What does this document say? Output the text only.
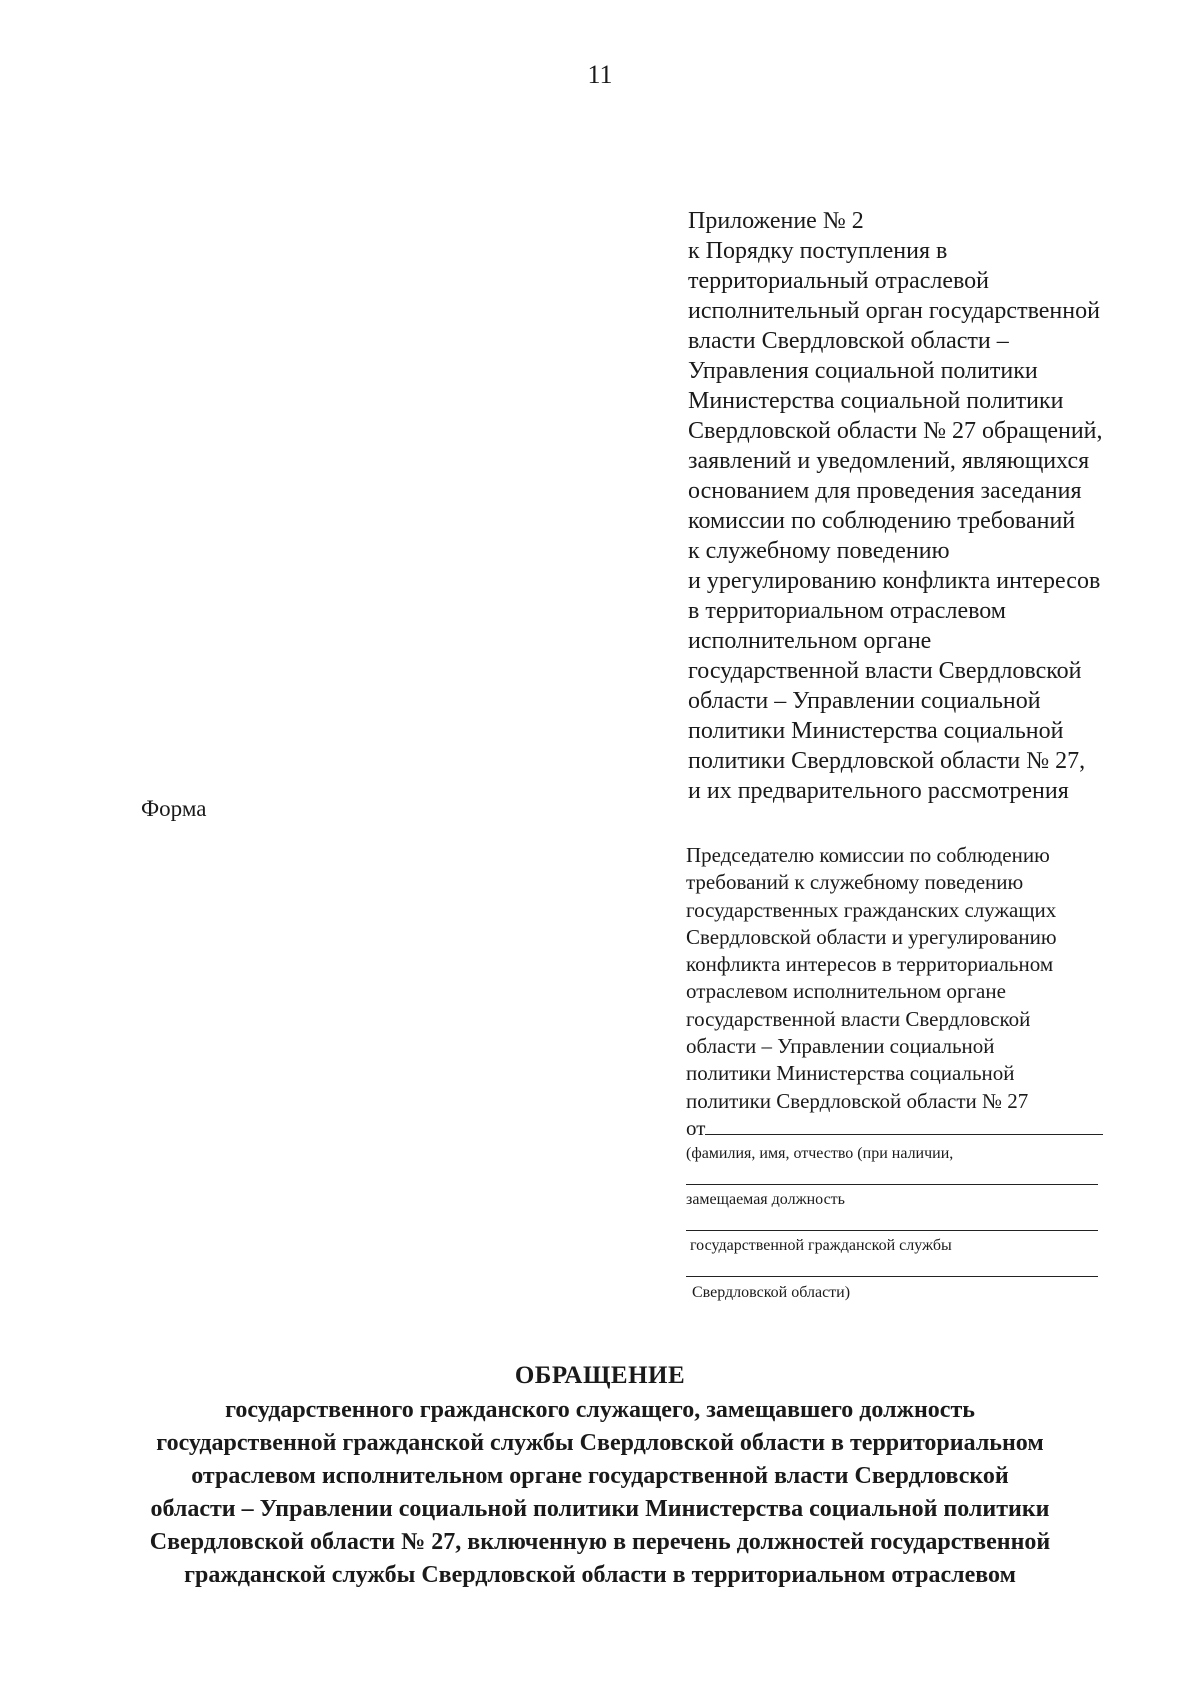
11
Приложение № 2
к Порядку поступления в
территориальный отраслевой
исполнительный орган государственной
власти Свердловской области –
Управления социальной политики
Министерства социальной политики
Свердловской области № 27 обращений,
заявлений и уведомлений, являющихся
основанием для проведения заседания
комиссии по соблюдению требований
к служебному поведению
и урегулированию конфликта интересов
в территориальном отраслевом
исполнительном органе
государственной власти Свердловской
области – Управлении социальной
политики Министерства социальной
политики Свердловской области № 27,
и их предварительного рассмотрения
Форма
Председателю комиссии по соблюдению
требований к служебному поведению
государственных гражданских служащих
Свердловской области и урегулированию
конфликта интересов в территориальном
отраслевом исполнительном органе
государственной власти Свердловской
области – Управлении социальной
политики Министерства социальной
политики Свердловской области № 27
от
(фамилия, имя, отчество (при наличии,
замещаемая должность
государственной гражданской службы
Свердловской области)
ОБРАЩЕНИЕ
государственного гражданского служащего, замещавшего должность
государственной гражданской службы Свердловской области в территориальном
отраслевом исполнительном органе государственной власти Свердловской
области – Управлении социальной политики Министерства социальной политики
Свердловской области № 27, включенную в перечень должностей государственной
гражданской службы Свердловской области в территориальном отраслевом
